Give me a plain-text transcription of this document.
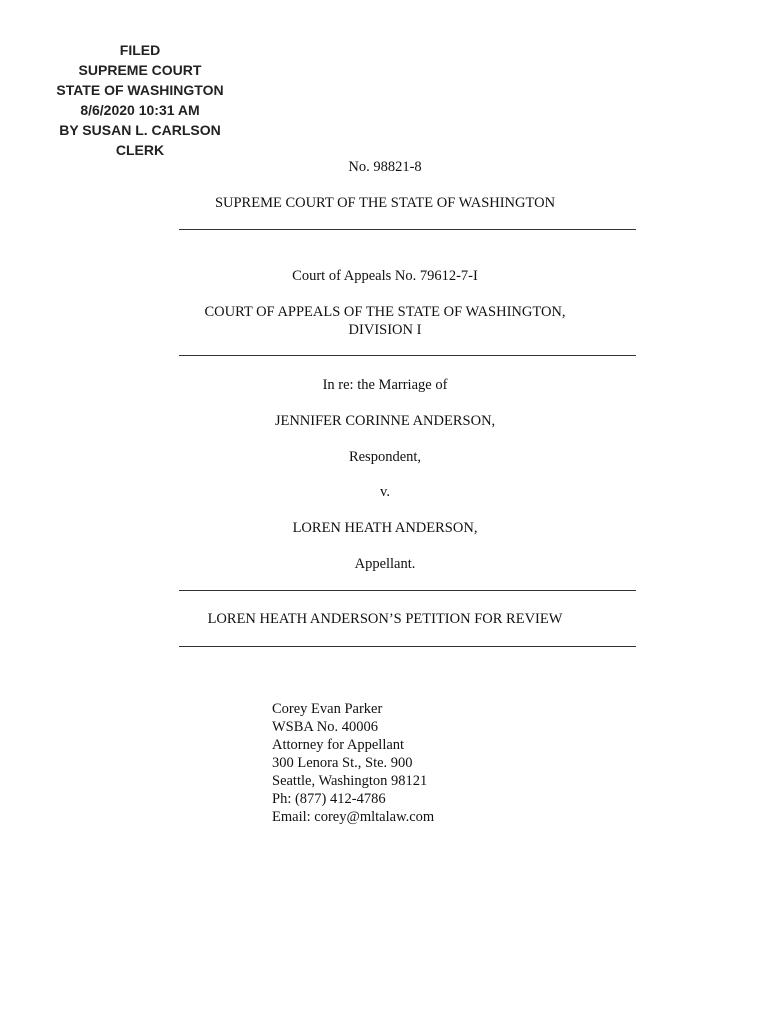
FILED
SUPREME COURT
STATE OF WASHINGTON
8/6/2020 10:31 AM
BY SUSAN L. CARLSON
CLERK
No. 98821-8
SUPREME COURT OF THE STATE OF WASHINGTON
Court of Appeals No. 79612-7-I
COURT OF APPEALS OF THE STATE OF WASHINGTON,
DIVISION I
In re: the Marriage of
JENNIFER CORINNE ANDERSON,
Respondent,
v.
LOREN HEATH ANDERSON,
Appellant.
LOREN HEATH ANDERSON’S PETITION FOR REVIEW
Corey Evan Parker
WSBA No. 40006
Attorney for Appellant
300 Lenora St., Ste. 900
Seattle, Washington 98121
Ph: (877) 412-4786
Email: corey@mltalaw.com
